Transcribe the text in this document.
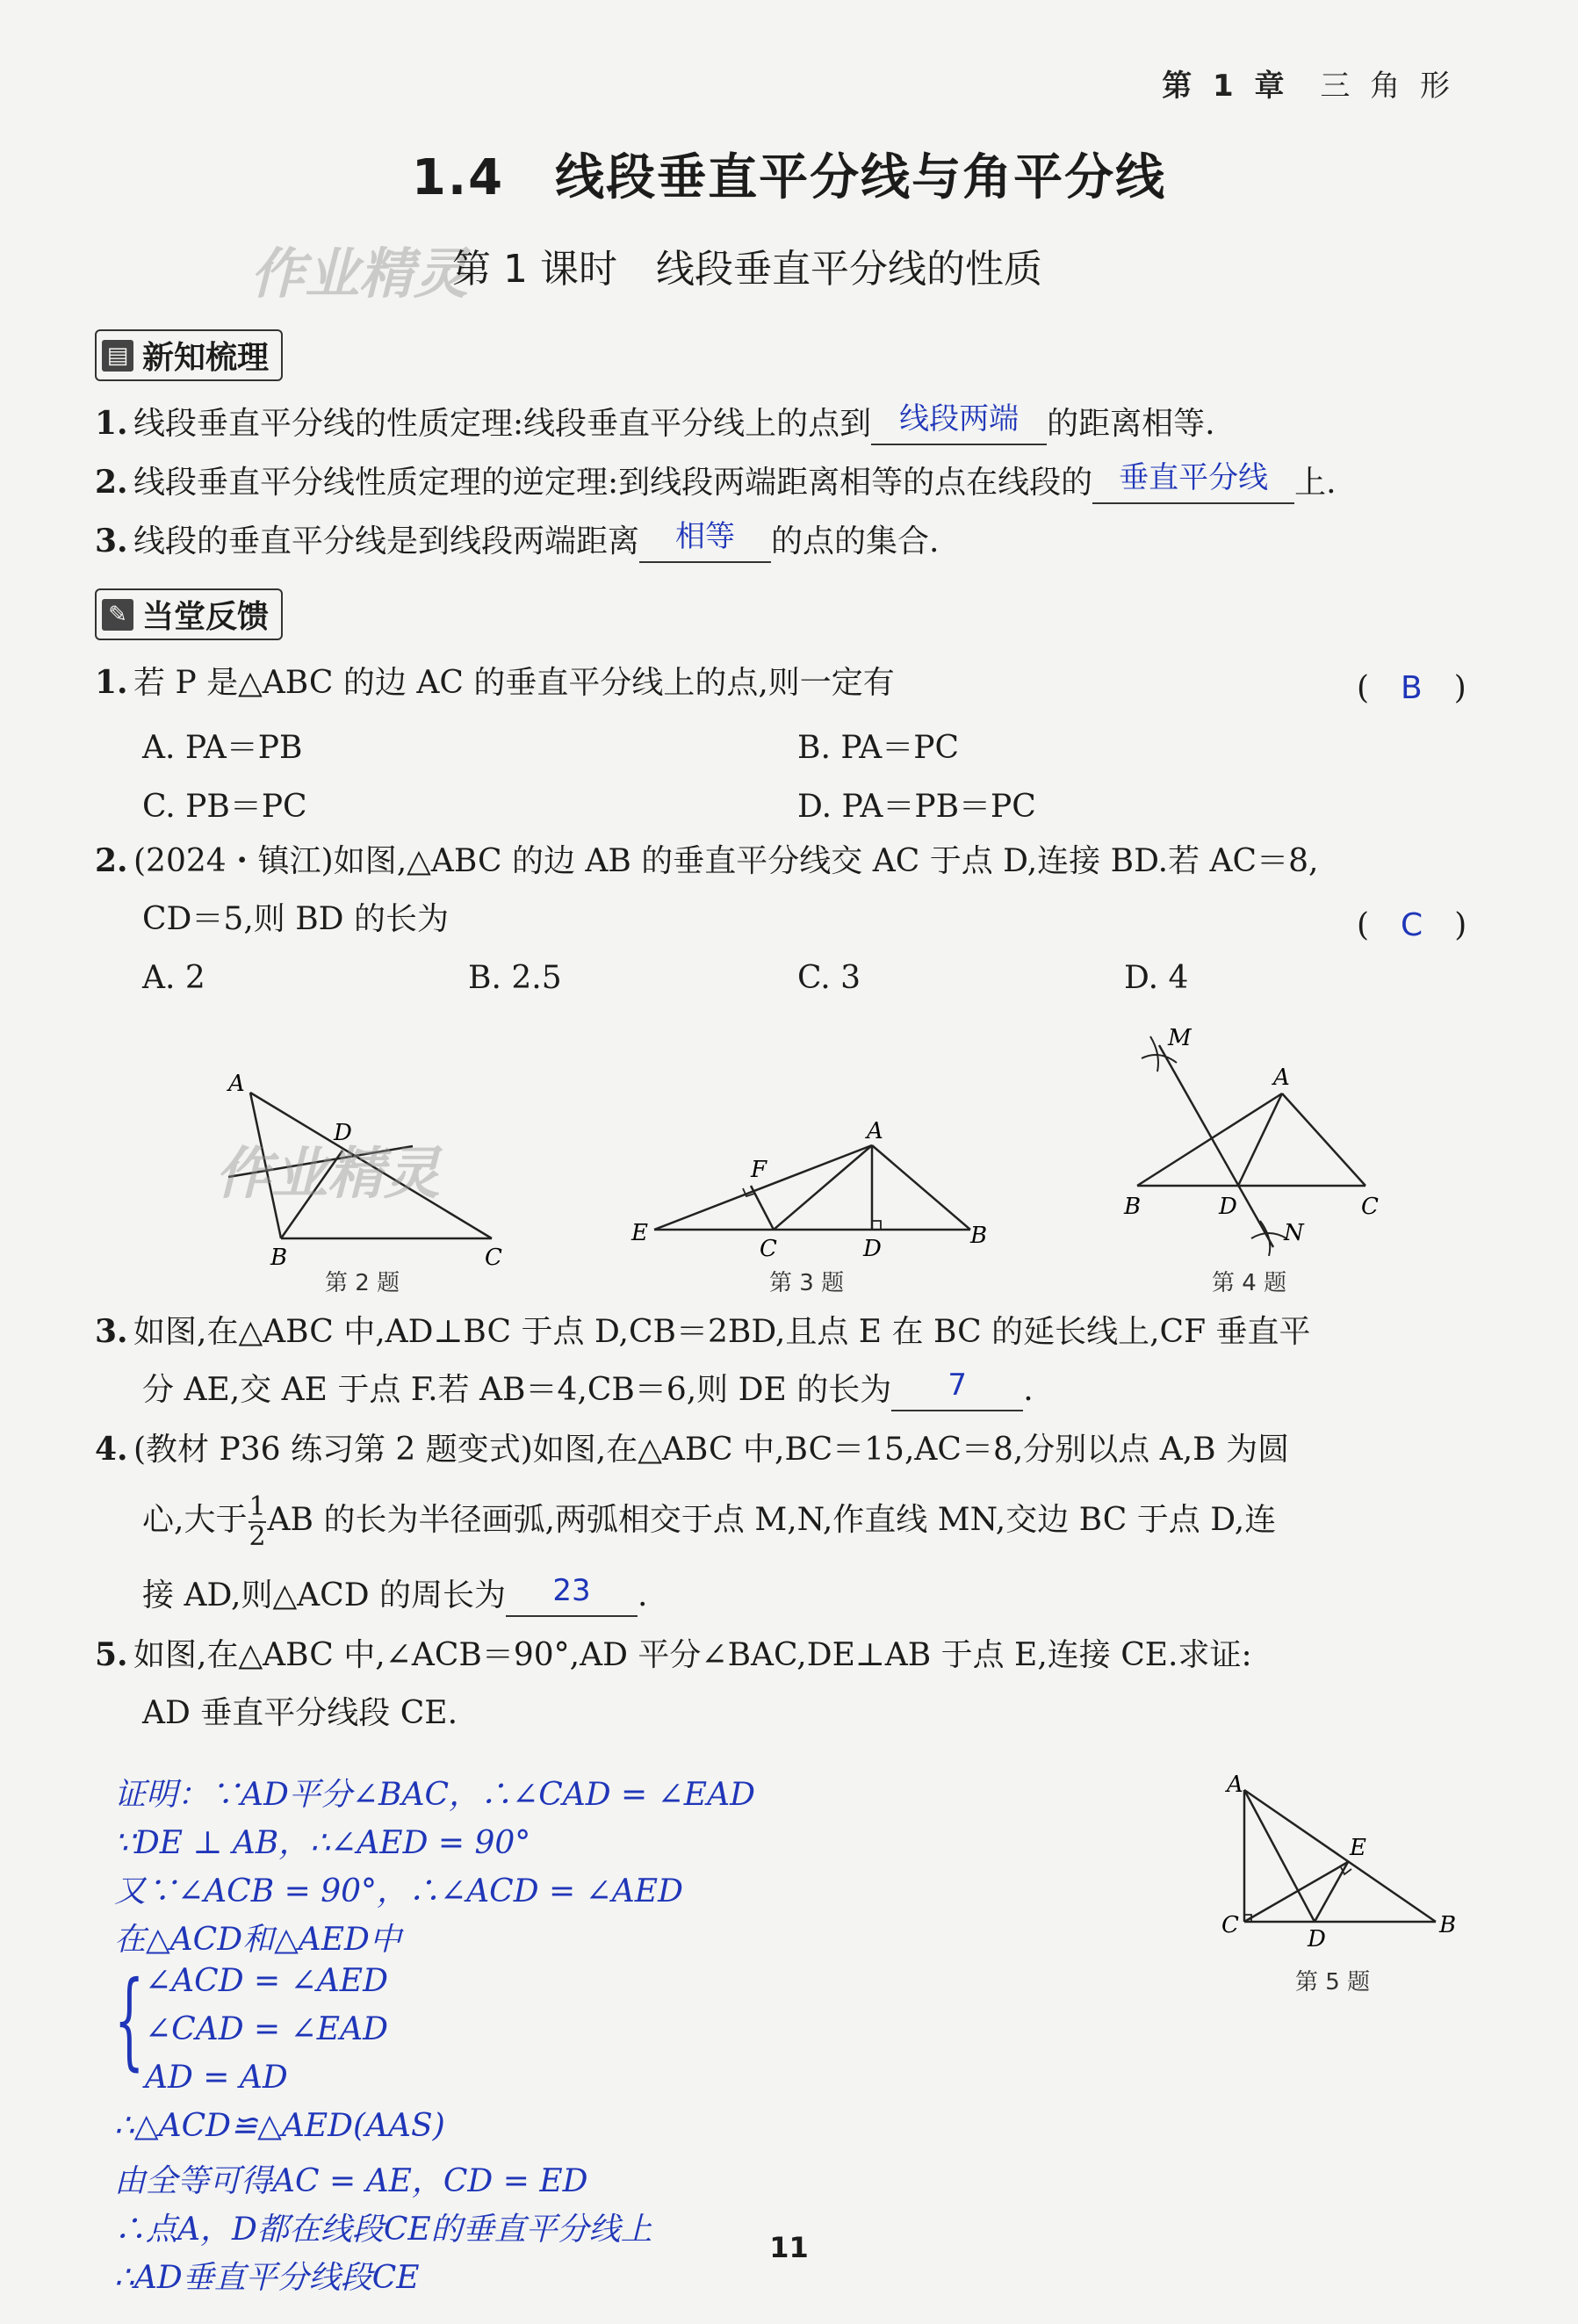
第 1 章 三 角 形
1.4　线段垂直平分线与角平分线
作业精灵
第 1 课时　线段垂直平分线的性质
▤ 新知梳理
1. 线段垂直平分线的性质定理:线段垂直平分线上的点到 线段两端 的距离相等.
2. 线段垂直平分线性质定理的逆定理:到线段两端距离相等的点在线段的 垂直平分线 上.
3. 线段的垂直平分线是到线段两端距离 相等 的点的集合.
✎ 当堂反馈
1. 若 P 是△ABC 的边 AC 的垂直平分线上的点,则一定有	(　B　)
A. PA＝PB	B. PA＝PC
C. PB＝PC	D. PA＝PB＝PC
2. (2024・镇江)如图,△ABC 的边 AB 的垂直平分线交 AC 于点 D,连接 BD.若 AC＝8,
CD＝5,则 BD 的长为	(　C　)
A. 2	B. 2.5	C. 3	D. 4
A
D
B	C
作业精灵
第 2 题
A
F
E
C	D	B
第 3 题
M
A
B	D	C
N
第 4 题
3. 如图,在△ABC 中,AD⊥BC 于点 D,CB＝2BD,且点 E 在 BC 的延长线上,CF 垂直平
分 AE,交 AE 于点 F.若 AB＝4,CB＝6,则 DE 的长为 7 .
4. (教材 P36 练习第 2 题变式)如图,在△ABC 中,BC＝15,AC＝8,分别以点 A,B 为圆
心,大于 $\frac{1}{2}$ AB 的长为半径画弧,两弧相交于点 M,N,作直线 MN,交边 BC 于点 D,连
接 AD,则△ACD 的周长为 23 .
5. 如图,在△ABC 中,∠ACB＝90°,AD 平分∠BAC,DE⊥AB 于点 E,连接 CE.求证:
AD 垂直平分线段 CE.
A
E
C
D
B
第 5 题
证明：∵AD平分∠BAC，∴∠CAD = ∠EAD
∵DE ⊥ AB，∴∠AED = 90°
又∵∠ACB = 90°，∴∠ACD = ∠AED
在△ACD和△AED中
{ ∠ACD = ∠AED
∠CAD = ∠EAD
AD = AD
∴△ACD≌△AED(AAS)
由全等可得AC = AE，CD = ED
∴点A，D都在线段CE的垂直平分线上
∴AD垂直平分线段CE
11
